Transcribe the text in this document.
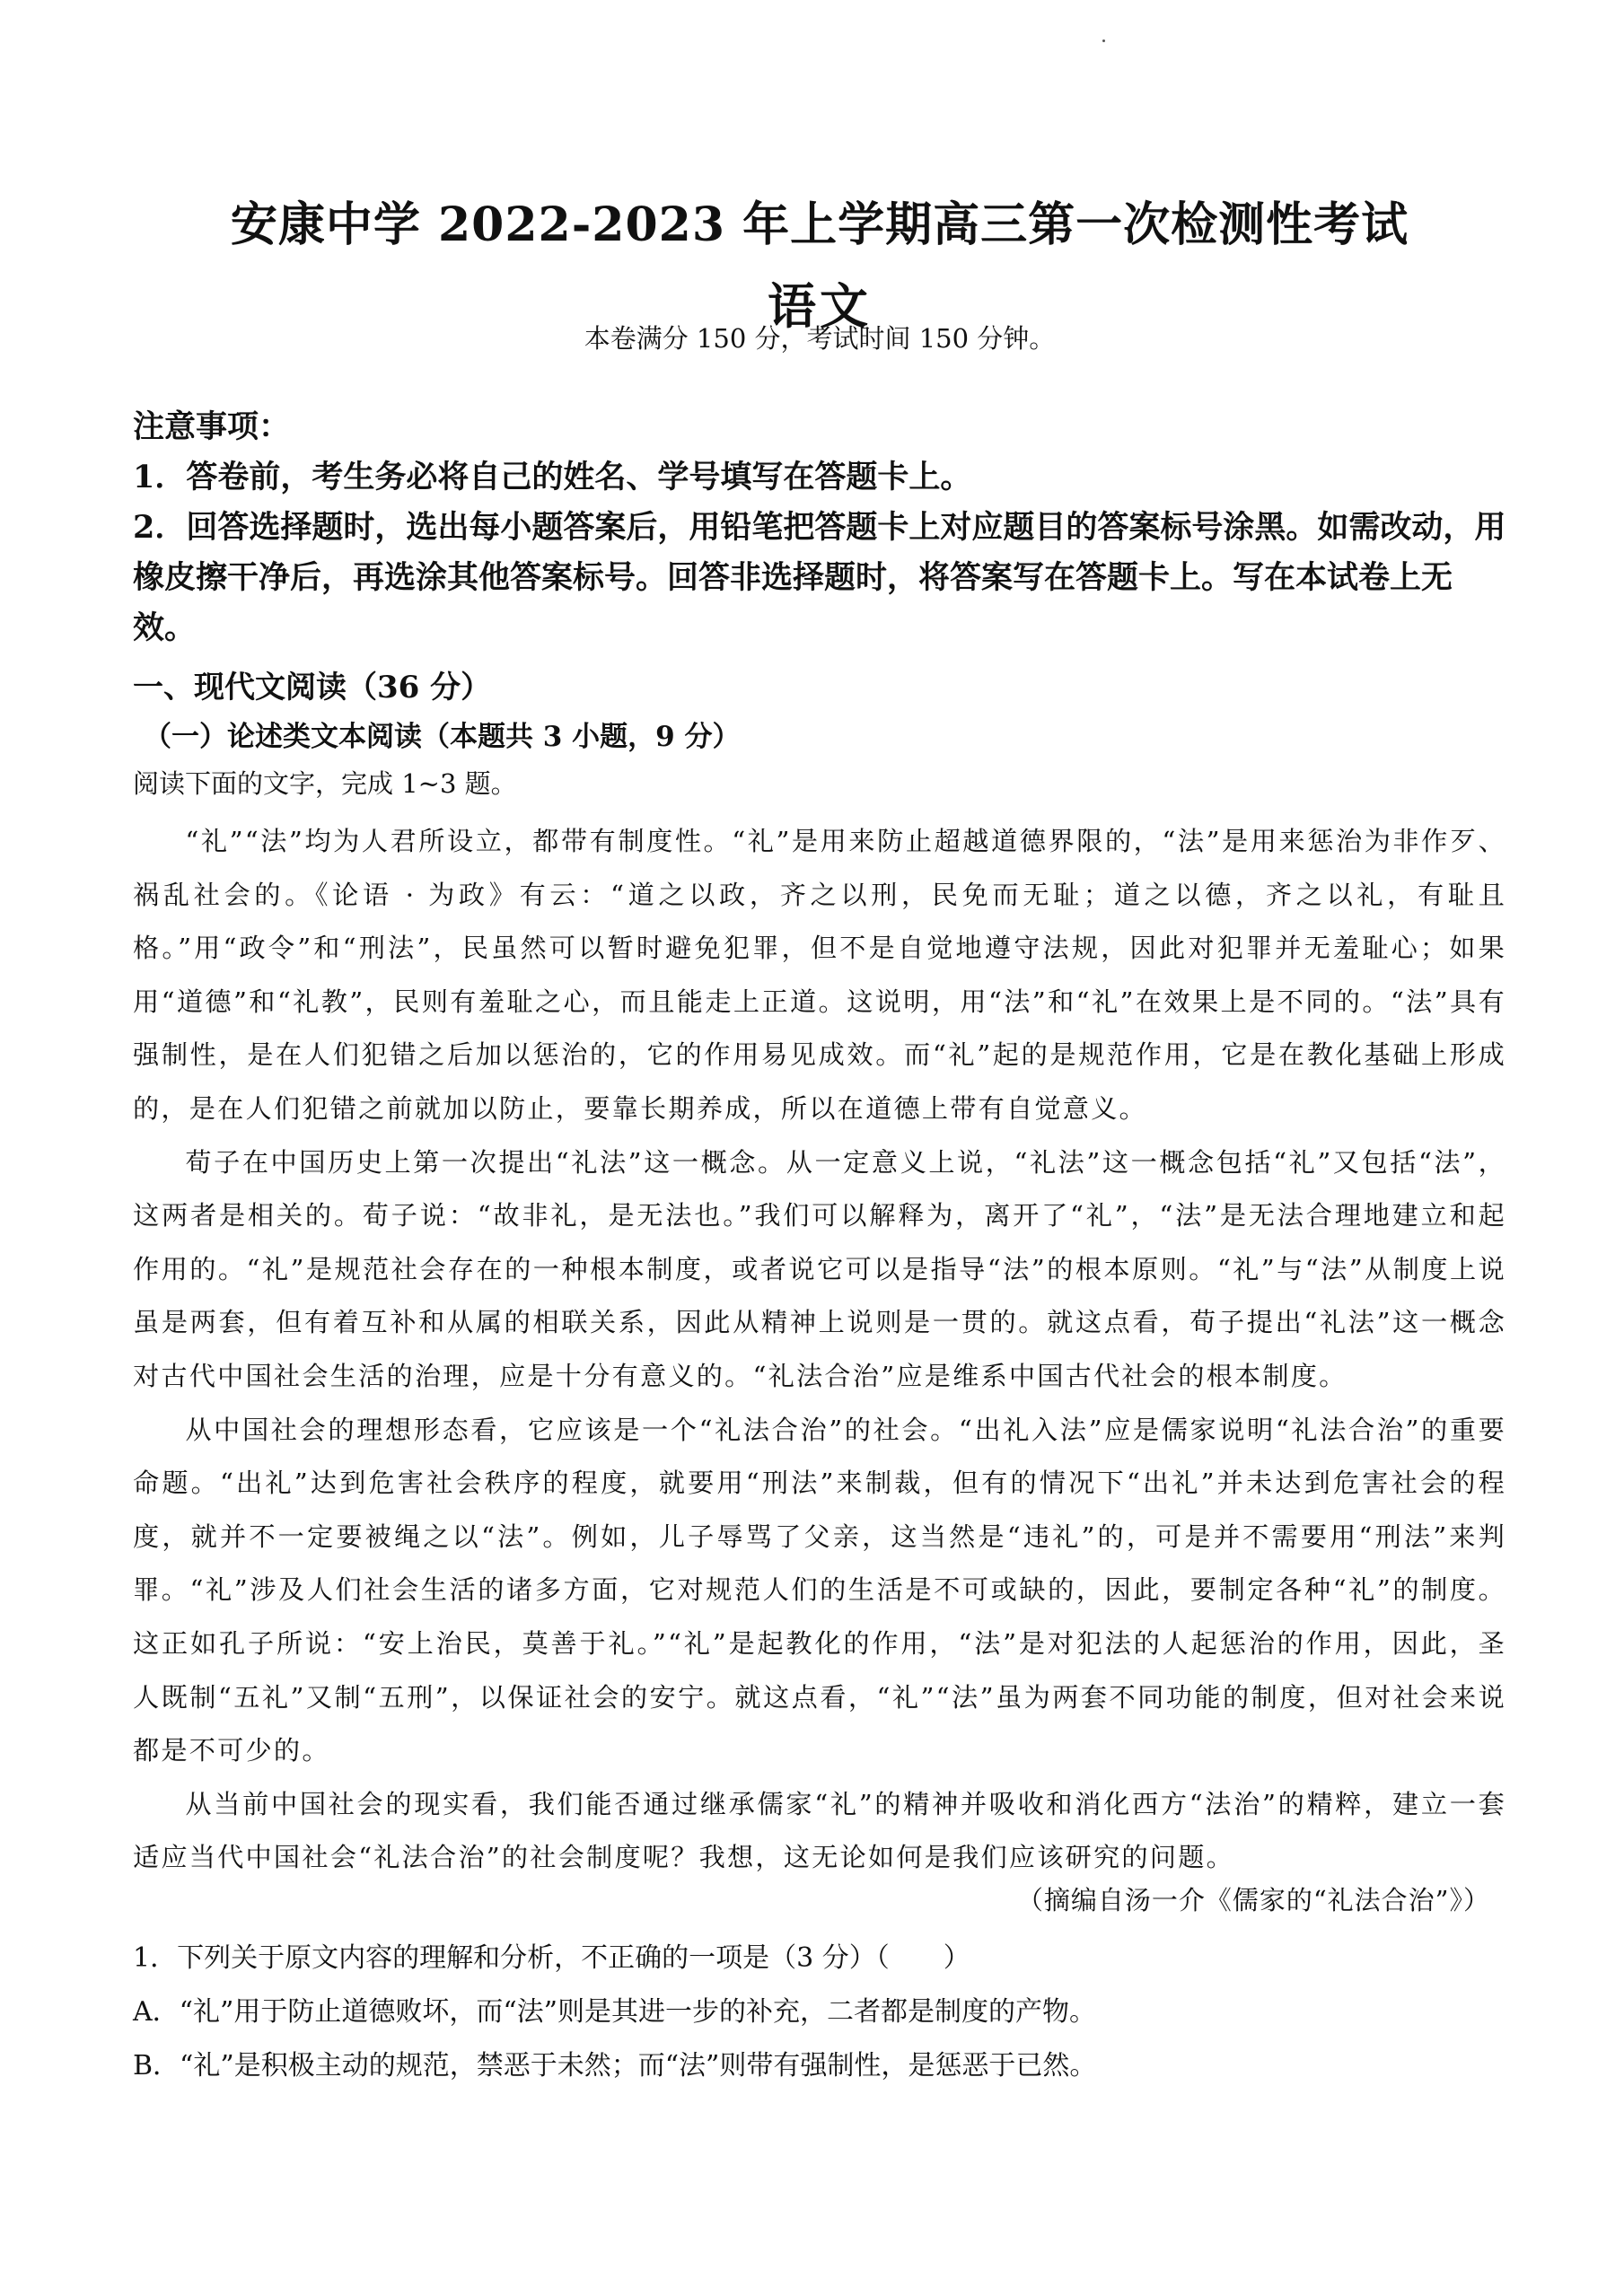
安康中学 2022-2023 年上学期高三第一次检测性考试
语文
本卷满分 150 分，考试时间 150 分钟。

注意事项：

1．答卷前，考生务必将自己的姓名、学号填写在答题卡上。

2．回答选择题时，选出每小题答案后，用铅笔把答题卡上对应题目的答案标号涂黑。如需改动，用橡皮擦干净后，再选涂其他答案标号。回答非选择题时，将答案写在答题卡上。写在本试卷上无效。

一、现代文阅读（36 分）
（一）论述类文本阅读（本题共 3 小题，9 分）
阅读下面的文字，完成 1~3 题。

“礼”“法”均为人君所设立，都带有制度性。“礼”是用来防止超越道德界限的，“法”是用来惩治为非作歹、祸乱社会的。《论语 · 为政》有云：“道之以政，齐之以刑，民免而无耻；道之以德，齐之以礼，有耻且格。”用“政令”和“刑法”，民虽然可以暂时避免犯罪，但不是自觉地遵守法规，因此对犯罪并无羞耻心；如果用“道德”和“礼教”，民则有羞耻之心，而且能走上正道。这说明，用“法”和“礼”在效果上是不同的。“法”具有强制性，是在人们犯错之后加以惩治的，它的作用易见成效。而“礼”起的是规范作用，它是在教化基础上形成的，是在人们犯错之前就加以防止，要靠长期养成，所以在道德上带有自觉意义。

荀子在中国历史上第一次提出“礼法”这一概念。从一定意义上说，“礼法”这一概念包括“礼”又包括“法”，这两者是相关的。荀子说：“故非礼，是无法也。”我们可以解释为，离开了“礼”，“法”是无法合理地建立和起作用的。“礼”是规范社会存在的一种根本制度，或者说它可以是指导“法”的根本原则。“礼”与“法”从制度上说虽是两套，但有着互补和从属的相联关系，因此从精神上说则是一贯的。就这点看，荀子提出“礼法”这一概念对古代中国社会生活的治理，应是十分有意义的。“礼法合治”应是维系中国古代社会的根本制度。

从中国社会的理想形态看，它应该是一个“礼法合治”的社会。“出礼入法”应是儒家说明“礼法合治”的重要命题。“出礼”达到危害社会秩序的程度，就要用“刑法”来制裁，但有的情况下“出礼”并未达到危害社会的程度，就并不一定要被绳之以“法”。例如，儿子辱骂了父亲，这当然是“违礼”的，可是并不需要用“刑法”来判罪。“礼”涉及人们社会生活的诸多方面，它对规范人们的生活是不可或缺的，因此，要制定各种“礼”的制度。这正如孔子所说：“安上治民，莫善于礼。”“礼”是起教化的作用，“法”是对犯法的人起惩治的作用，因此，圣人既制“五礼”又制“五刑”，以保证社会的安宁。就这点看，“礼”“法”虽为两套不同功能的制度，但对社会来说都是不可少的。

从当前中国社会的现实看，我们能否通过继承儒家“礼”的精神并吸收和消化西方“法治”的精粹，建立一套适应当代中国社会“礼法合治”的社会制度呢？我想，这无论如何是我们应该研究的问题。

（摘编自汤一介《儒家的“礼法合治”》）

1．下列关于原文内容的理解和分析，不正确的一项是（3 分）（　　）

A．“礼”用于防止道德败坏，而“法”则是其进一步的补充，二者都是制度的产物。

B．“礼”是积极主动的规范，禁恶于未然；而“法”则带有强制性，是惩恶于已然。
